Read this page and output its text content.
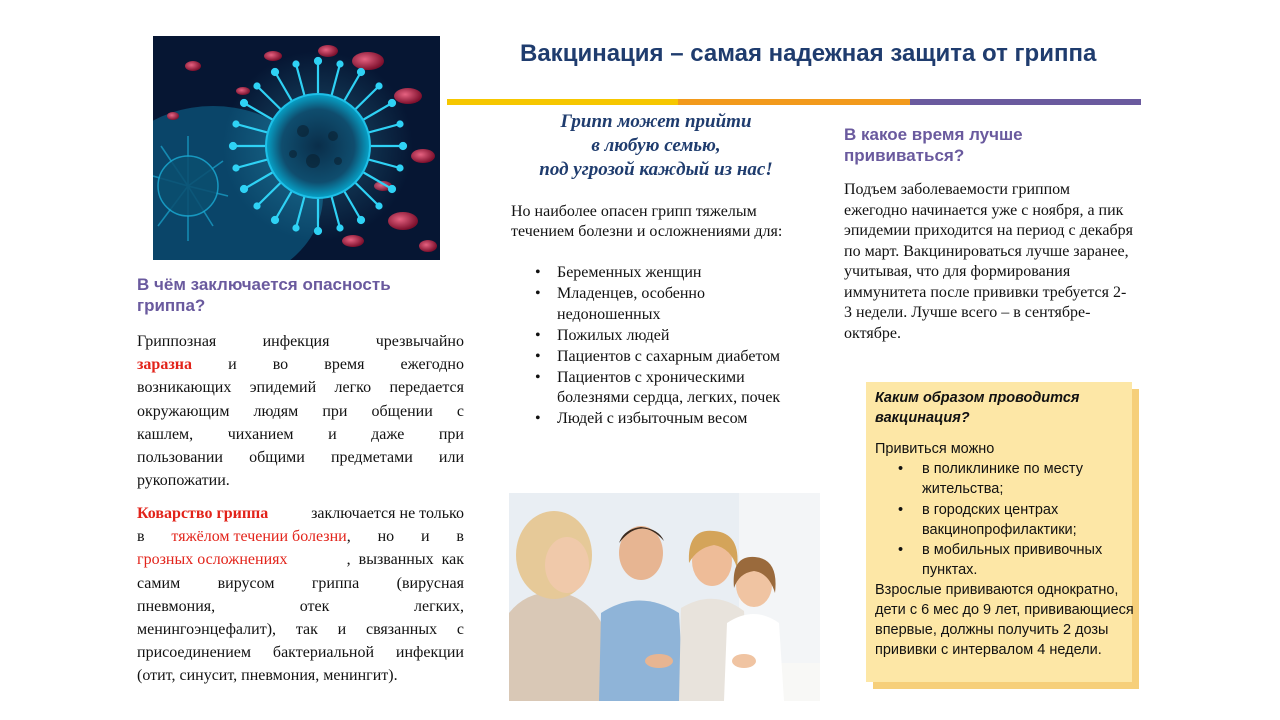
Вакцинация – самая надежная защита от гриппа
В чём заключается опасность
гриппа?
Гриппозная	инфекция	чрезвычайно
заразна и во время ежегодно
возникающих эпидемий легко передается
окружающим людям при общении с
кашлем, чиханием и даже при
пользовании общими предметами или
рукопожатии.
Коварство гриппа	заключается не только
в тяжёлом течении болезни, но и в
грозных осложнениях	,  вызванных  как
самим вирусом гриппа (вирусная
пневмония,	отек	легких,
менингоэнцефалит), так и связанных с
присоединением бактериальной инфекции
(отит, синусит, пневмония, менингит).
Грипп может прийти
в любую семью,
под угрозой каждый из нас!
Но наиболее опасен грипп тяжелым течением болезни и осложнениями для:
• Беременных женщин
• Младенцев, особенно недоношенных
• Пожилых людей
• Пациентов с сахарным диабетом
• Пациентов с хроническими болезнями сердца, легких, почек
• Людей с избыточным весом
В какое время лучше
прививаться?
Подъем заболеваемости гриппом ежегодно начинается уже с ноября, а пик эпидемии приходится на период с декабря по март. Вакцинироваться лучше заранее, учитывая, что для формирования иммунитета после прививки требуется 2-3 недели. Лучше всего – в сентябре-октябре.
Каким образом проводится вакцинация?
Привиться можно
• в поликлинике по месту жительства;
• в городских центрах вакцинопрофилактики;
• в мобильных прививочных пунктах.
Взрослые прививаются однократно, дети с 6 мес до 9 лет, прививающиеся впервые, должны получить 2 дозы прививки с интервалом 4 недели.
